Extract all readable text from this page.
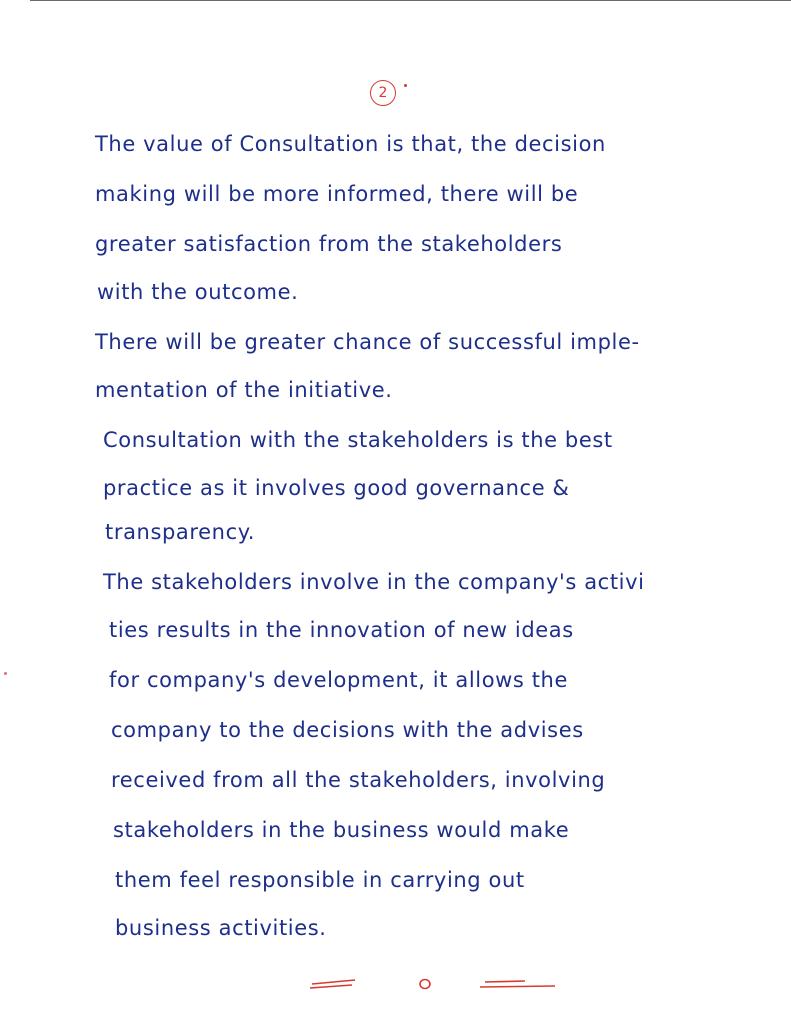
2
The value of Consultation is that, the decision
making will be more informed, there will be
greater satisfaction from the stakeholders
with the outcome.
There will be greater chance of successful imple-
mentation of the initiative.
Consultation with the stakeholders is the best
practice as it involves good governance &
transparency.
The stakeholders involve in the company's activi
ties results in the innovation of new ideas
for company's development, it allows the
company to the decisions with the advises
received from all the stakeholders, involving
stakeholders in the business would make
them feel responsible in carrying out
business activities.
